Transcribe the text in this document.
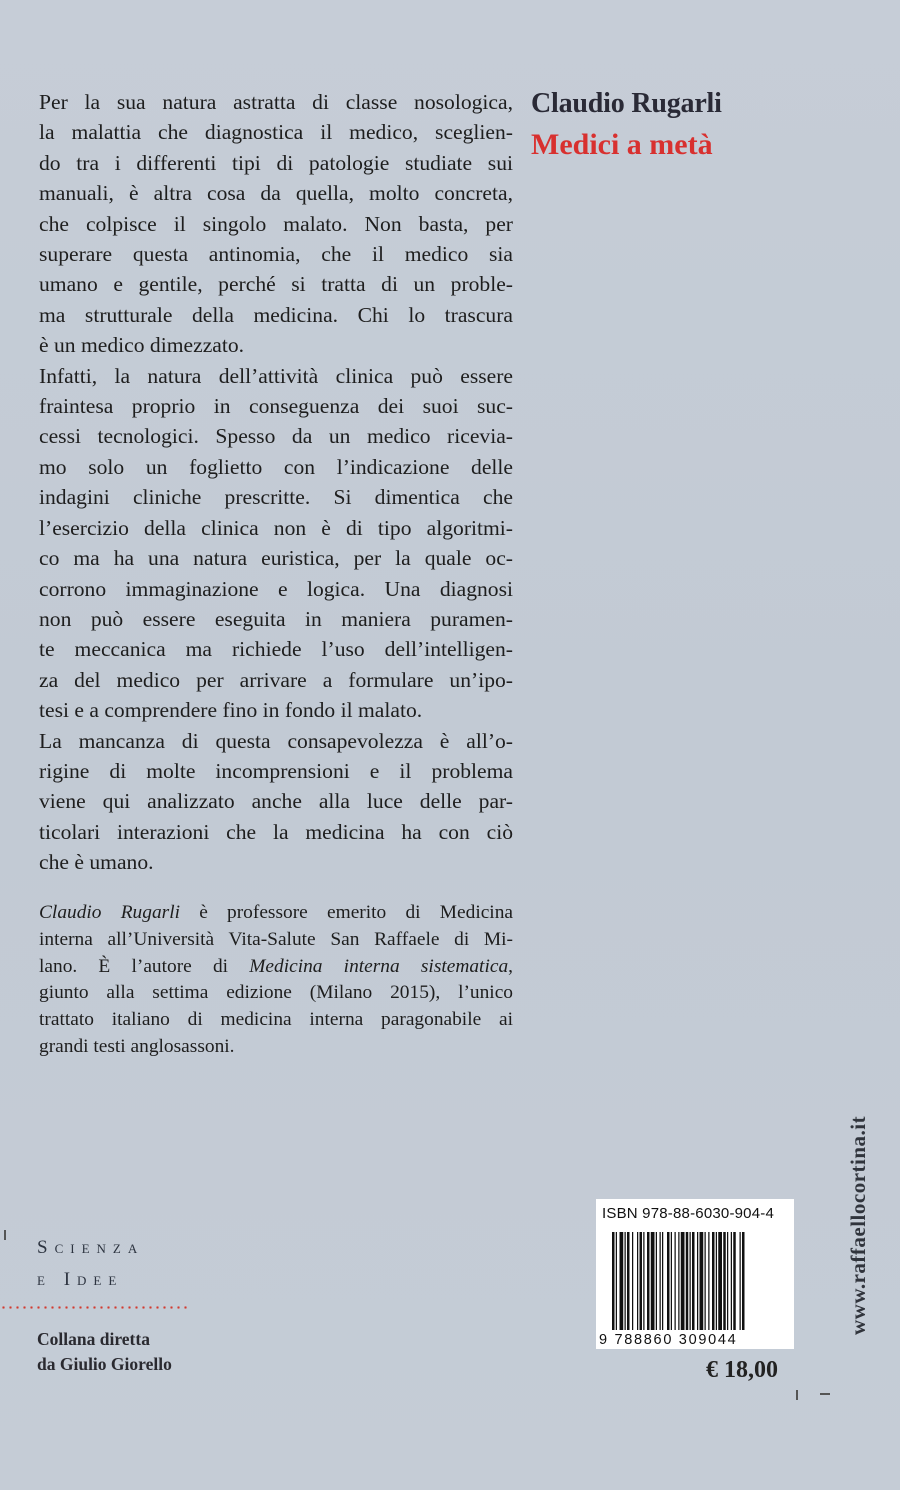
Per la sua natura astratta di classe nosologica,
la malattia che diagnostica il medico, sceglien-
do tra i differenti tipi di patologie studiate sui
manuali, è altra cosa da quella, molto concreta,
che colpisce il singolo malato. Non basta, per
superare questa antinomia, che il medico sia
umano e gentile, perché si tratta di un proble-
ma strutturale della medicina. Chi lo trascura
è un medico dimezzato.

Infatti, la natura dell’attività clinica può essere
fraintesa proprio in conseguenza dei suoi suc-
cessi tecnologici. Spesso da un medico ricevia-
mo solo un foglietto con l’indicazione delle
indagini cliniche prescritte. Si dimentica che
l’esercizio della clinica non è di tipo algoritmi-
co ma ha una natura euristica, per la quale oc-
corrono immaginazione e logica. Una diagnosi
non può essere eseguita in maniera puramen-
te meccanica ma richiede l’uso dell’intelligen-
za del medico per arrivare a formulare un’ipo-
tesi e a comprendere fino in fondo il malato.

La mancanza di questa consapevolezza è all’o-
rigine di molte incomprensioni e il problema
viene qui analizzato anche alla luce delle par-
ticolari interazioni che la medicina ha con ciò
che è umano.

Claudio Rugarli è professore emerito di Medicina
interna all’Università Vita-Salute San Raffaele di Mi-
lano. È l’autore di Medicina interna sistematica,
giunto alla settima edizione (Milano 2015), l’unico
trattato italiano di medicina interna paragonabile ai
grandi testi anglosassoni.
Claudio Rugarli
Medici a metà
Scienza
e Idee
Collana diretta
da Giulio Giorello
ISBN 978-88-6030-904-4
9 788860 309044
€ 18,00
www.raffaellocortina.it
